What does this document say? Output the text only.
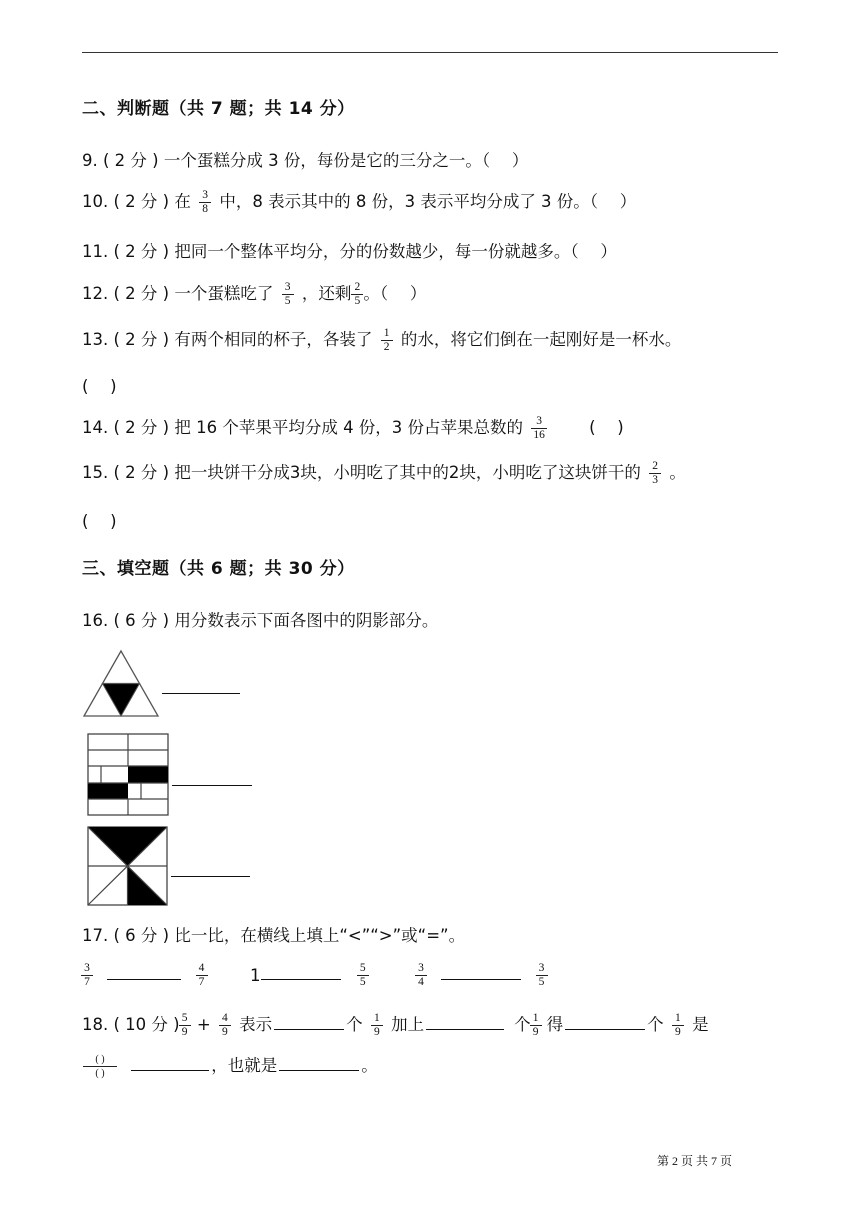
二、判断题（共 7 题；共 14 分）
9. ( 2 分 ) 一个蛋糕分成 3 份，每份是它的三分之一。（　 ）
10. ( 2 分 ) 在 $\frac{3}{8}$ 中，8 表示其中的 8 份，3 表示平均分成了 3 份。（　 ）
11. ( 2 分 ) 把同一个整体平均分，分的份数越少，每一份就越多。（　 ）
12. ( 2 分 ) 一个蛋糕吃了 $\frac{3}{5}$ ，还剩 $\frac{2}{5}$ 。（　 ）
13. ( 2 分 ) 有两个相同的杯子，各装了 $\frac{1}{2}$ 的水，将它们倒在一起刚好是一杯水。
(　 )
14. ( 2 分 ) 把 16 个苹果平均分成 4 份，3 份占苹果总数的 $\frac{3}{16}$	(　 )
15. ( 2 分 ) 把一块饼干分成3块，小明吃了其中的2块，小明吃了这块饼干的 $\frac{2}{3}$ 。
(　 )
三、填空题（共 6 题；共 30 分）
16. ( 6 分 ) 用分数表示下面各图中的阴影部分。
17. ( 6 分 ) 比一比，在横线上填上“<”“>”或“=”。
$\frac{3}{7}$
	$\frac{4}{7}$	1	$\frac{5}{5}$	$\frac{3}{4}$
	$\frac{3}{5}$
18. ( 10 分 ) $\frac{5}{9} + \frac{4}{9}$ 表示	个 $\frac{1}{9}$ 加上	个 $\frac{1}{9}$ 得	个 $\frac{1}{9}$ 是
$\frac{( )}{( )}$	，也就是	。
第 2 页 共 7 页
